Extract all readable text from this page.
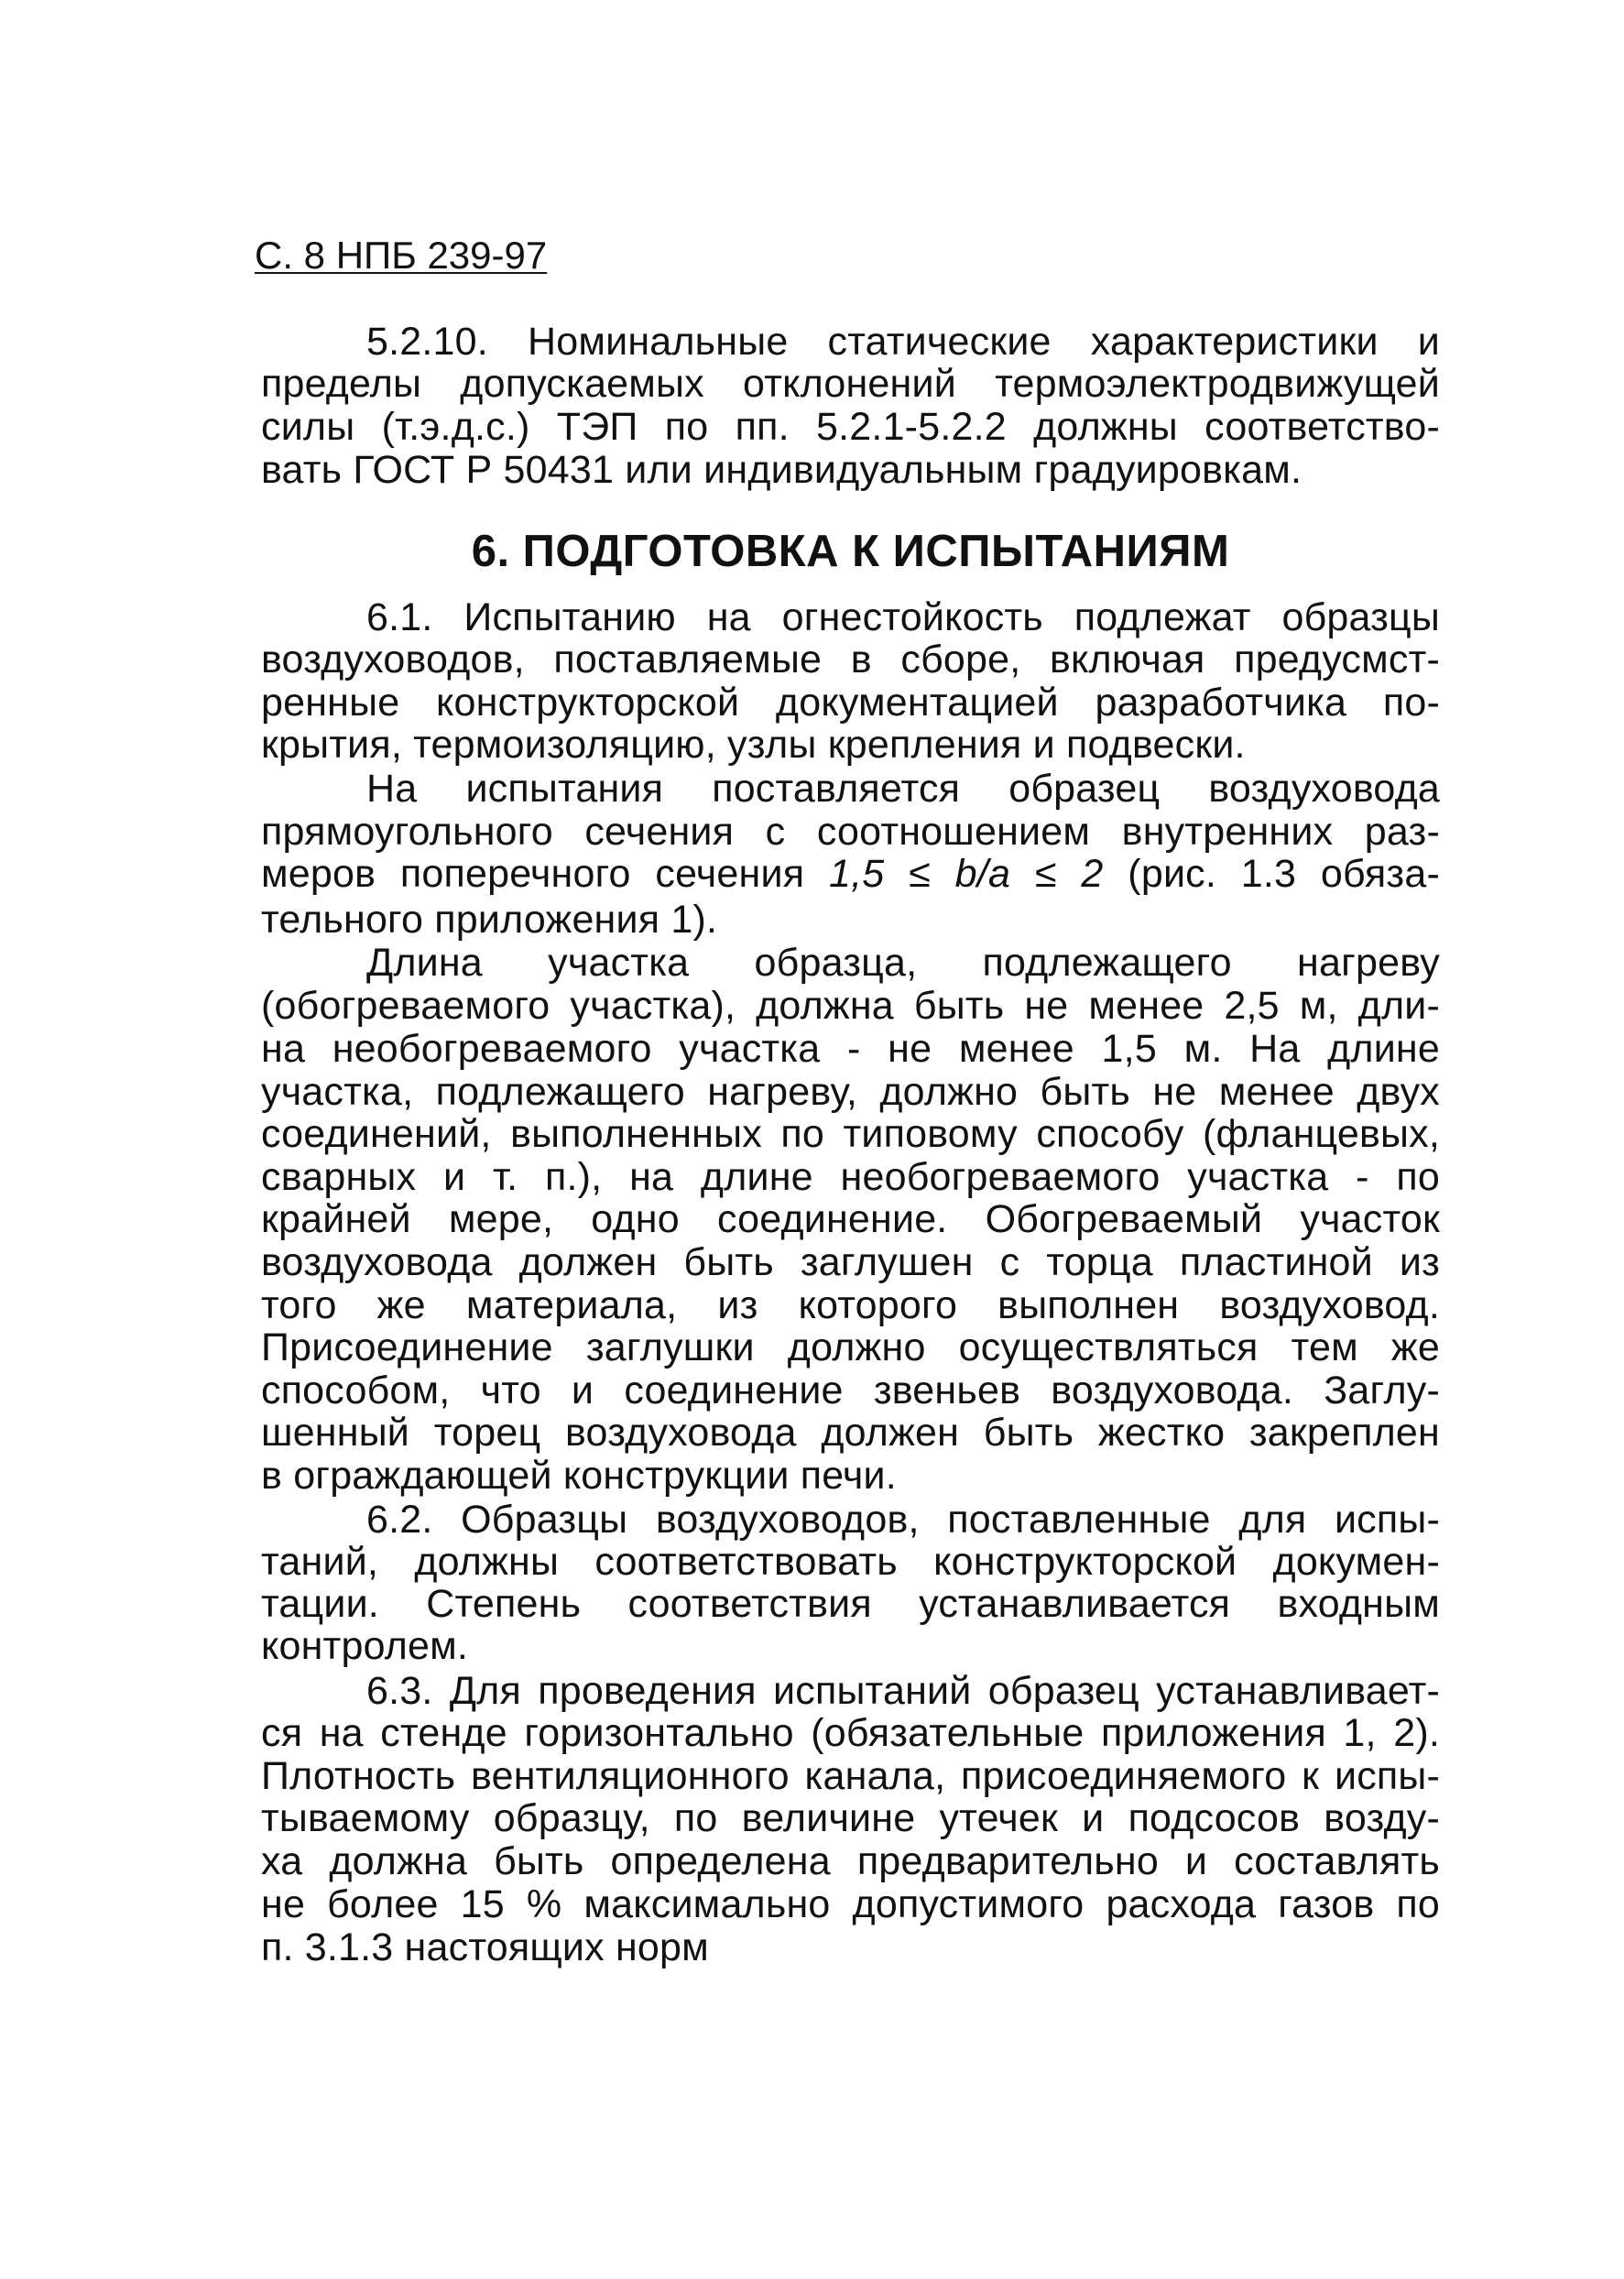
С. 8 НПБ 239-97
5.2.10. Номинальные статические характеристики и
пределы допускаемых отклонений термоэлектродвижущей
силы (т.э.д.с.) ТЭП по пп. 5.2.1-5.2.2 должны соответство-
вать ГОСТ Р 50431 или индивидуальным градуировкам.
6. ПОДГОТОВКА К ИСПЫТАНИЯМ
6.1. Испытанию на огнестойкость подлежат образцы
воздуховодов, поставляемые в сборе, включая предусмст-
ренные конструкторской документацией разработчика по-
крытия, термоизоляцию, узлы крепления и подвески.
На испытания поставляется образец воздуховода
прямоугольного сечения с соотношением внутренних раз-
меров поперечного сечения 1,5 ≤ b/a ≤ 2 (рис. 1.3 обяза-
тельного приложения 1).
Длина участка образца, подлежащего нагреву
(обогреваемого участка), должна быть не менее 2,5 м, дли-
на необогреваемого участка - не менее 1,5 м. На длине
участка, подлежащего нагреву, должно быть не менее двух
соединений, выполненных по типовому способу (фланцевых,
сварных и т. п.), на длине необогреваемого участка - по
крайней мере, одно соединение. Обогреваемый участок
воздуховода должен быть заглушен с торца пластиной из
того же материала, из которого выполнен воздуховод.
Присоединение заглушки должно осуществляться тем же
способом, что и соединение звеньев воздуховода. Заглу-
шенный торец воздуховода должен быть жестко закреплен
в ограждающей конструкции печи.
6.2. Образцы воздуховодов, поставленные для испы-
таний, должны соответствовать конструкторской докумен-
тации. Степень соответствия устанавливается входным
контролем.
6.3. Для проведения испытаний образец устанавливает-
ся на стенде горизонтально (обязательные приложения 1, 2).
Плотность вентиляционного канала, присоединяемого к испы-
тываемому образцу, по величине утечек и подсосов возду-
ха должна быть определена предварительно и составлять
не более 15 % максимально допустимого расхода газов по
п. 3.1.3 настоящих норм
